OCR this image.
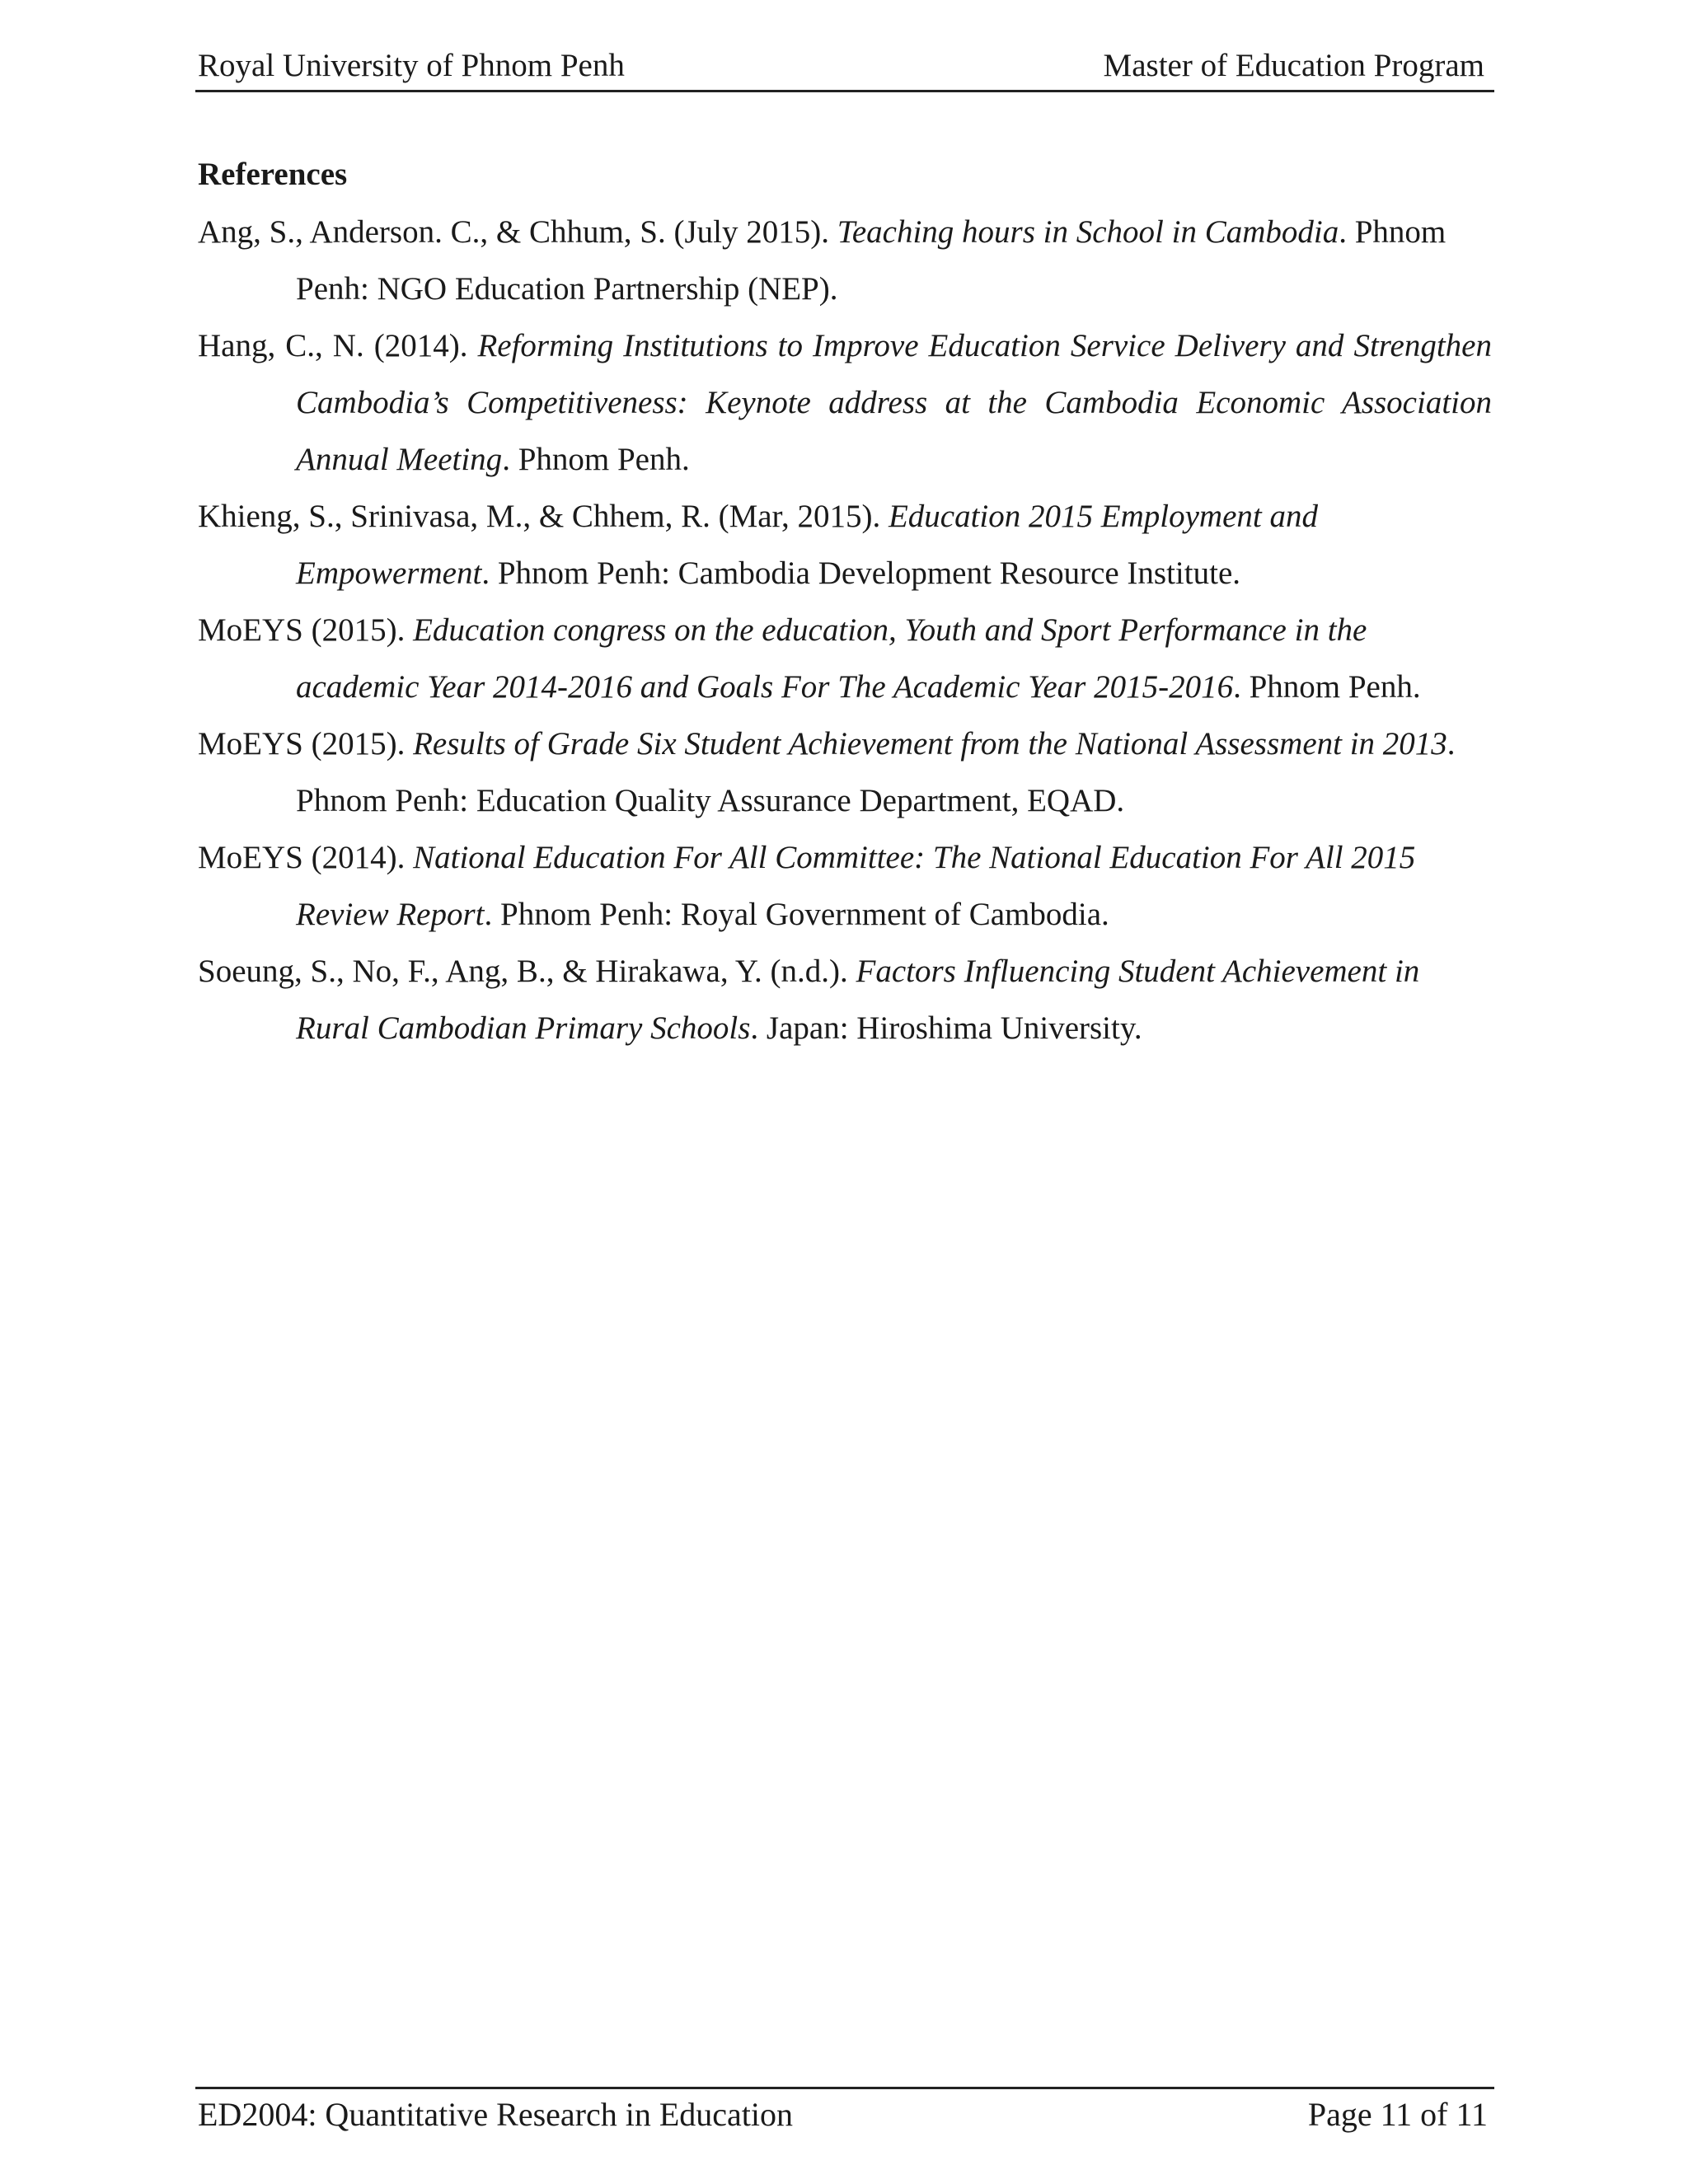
Royal University of Phnom Penh	Master of Education Program
References

Ang, S., Anderson. C., & Chhum, S. (July 2015). Teaching hours in School in Cambodia. Phnom Penh: NGO Education Partnership (NEP).

Hang, C., N. (2014). Reforming Institutions to Improve Education Service Delivery and Strengthen Cambodia’s Competitiveness: Keynote address at the Cambodia Economic Association Annual Meeting. Phnom Penh.

Khieng, S., Srinivasa, M., & Chhem, R. (Mar, 2015). Education 2015 Employment and Empowerment. Phnom Penh: Cambodia Development Resource Institute.

MoEYS (2015). Education congress on the education, Youth and Sport Performance in the academic Year 2014-2016 and Goals For The Academic Year 2015-2016. Phnom Penh.

MoEYS (2015). Results of Grade Six Student Achievement from the National Assessment in 2013. Phnom Penh: Education Quality Assurance Department, EQAD.

MoEYS (2014). National Education For All Committee: The National Education For All 2015 Review Report. Phnom Penh: Royal Government of Cambodia.

Soeung, S., No, F., Ang, B., & Hirakawa, Y. (n.d.). Factors Influencing Student Achievement in Rural Cambodian Primary Schools. Japan: Hiroshima University.

ED2004: Quantitative Research in Education	Page 11 of 11
